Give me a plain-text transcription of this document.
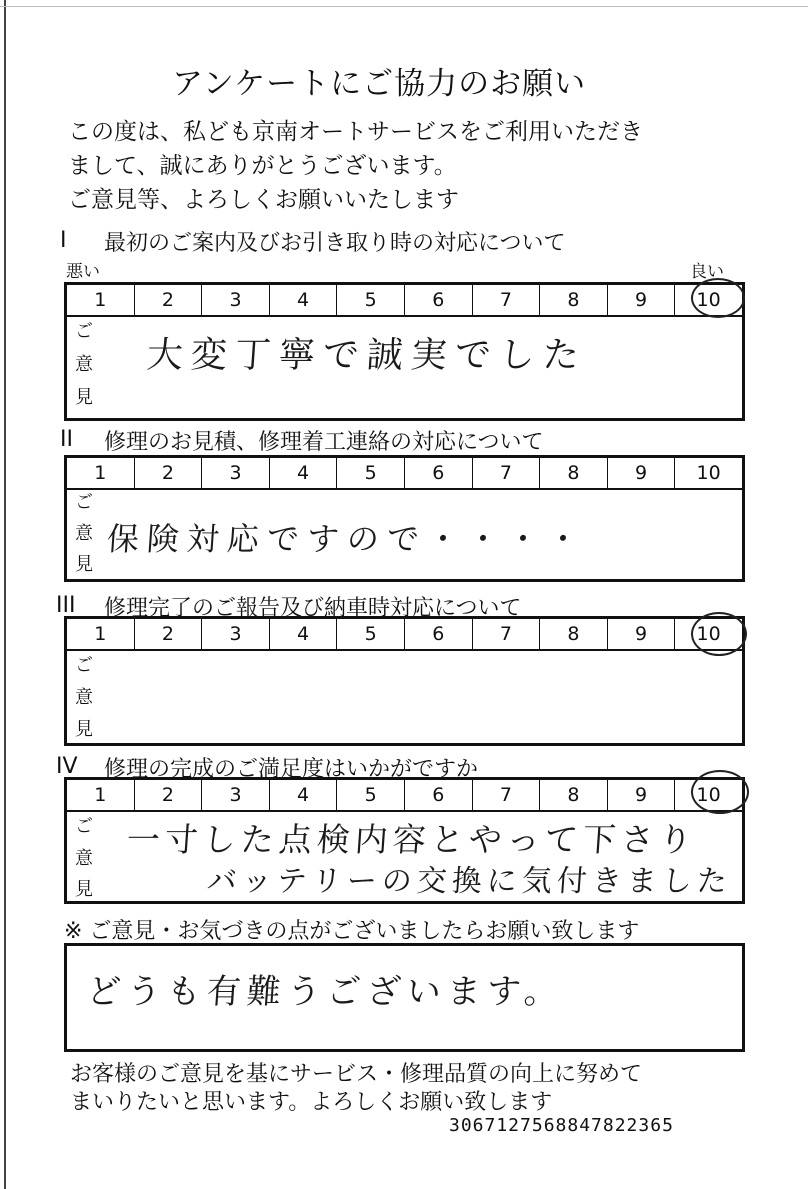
アンケートにご協力のお願い
この度は、私ども京南オートサービスをご利用いただき
まして、誠にありがとうございます。
ご意見等、よろしくお願いいたします
I 最初のご案内及びお引き取り時の対応について
悪い	良い
1	2	3	4	5	6	7	8	9	10
ご
意
見
大変丁寧で誠実でした
II 修理のお見積、修理着工連絡の対応について
1	2	3	4	5	6	7	8	9	10
ご
意
見
保険対応ですので・・・・
III 修理完了のご報告及び納車時対応について
1	2	3	4	5	6	7	8	9	10
ご
意
見
IV 修理の完成のご満足度はいかがですか
1	2	3	4	5	6	7	8	9	10
ご
意
見
一寸した点検内容とやって下さり
バッテリーの交換に気付きました
※ ご意見・お気づきの点がございましたらお願い致します
どうも有難うございます。
お客様のご意見を基にサービス・修理品質の向上に努めて
まいりたいと思います。よろしくお願い致します
3067127568847822365
